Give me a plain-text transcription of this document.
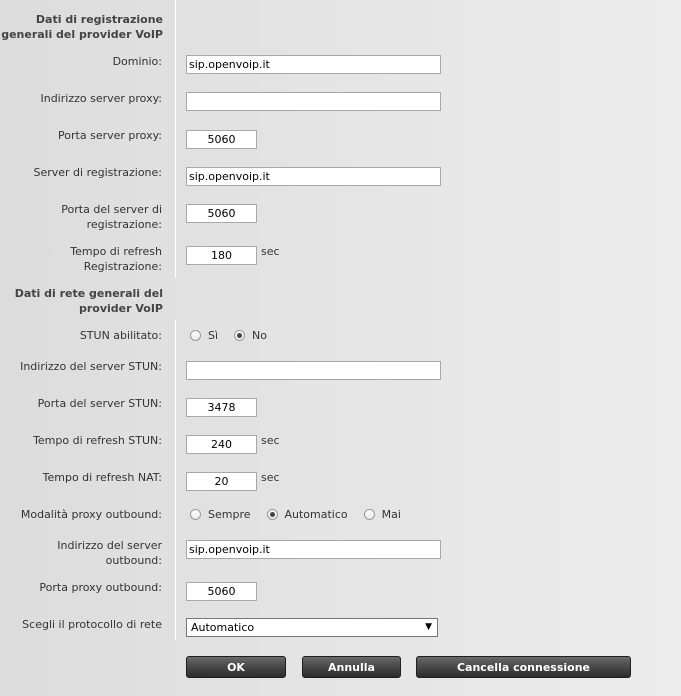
Dati di registrazione
generali del provider VoIP
Dominio:
sip.openvoip.it
Indirizzo server proxy:
Porta server proxy:
5060
Server di registrazione:
sip.openvoip.it
Porta del server di
registrazione:
5060
Tempo di refresh
Registrazione:
180
sec
Dati di rete generali del
provider VoIP
STUN abilitato:	Sì	No
Indirizzo del server STUN:
Porta del server STUN:
3478
Tempo di refresh STUN:
240	sec
Tempo di refresh NAT:
20	sec
Modalità proxy outbound:	Sempre	Automatico	Mai
Indirizzo del server
outbound:
sip.openvoip.it
Porta proxy outbound:
5060
Scegli il protocollo di rete	Automatico	▼
OK	Annulla	Cancella connessione
